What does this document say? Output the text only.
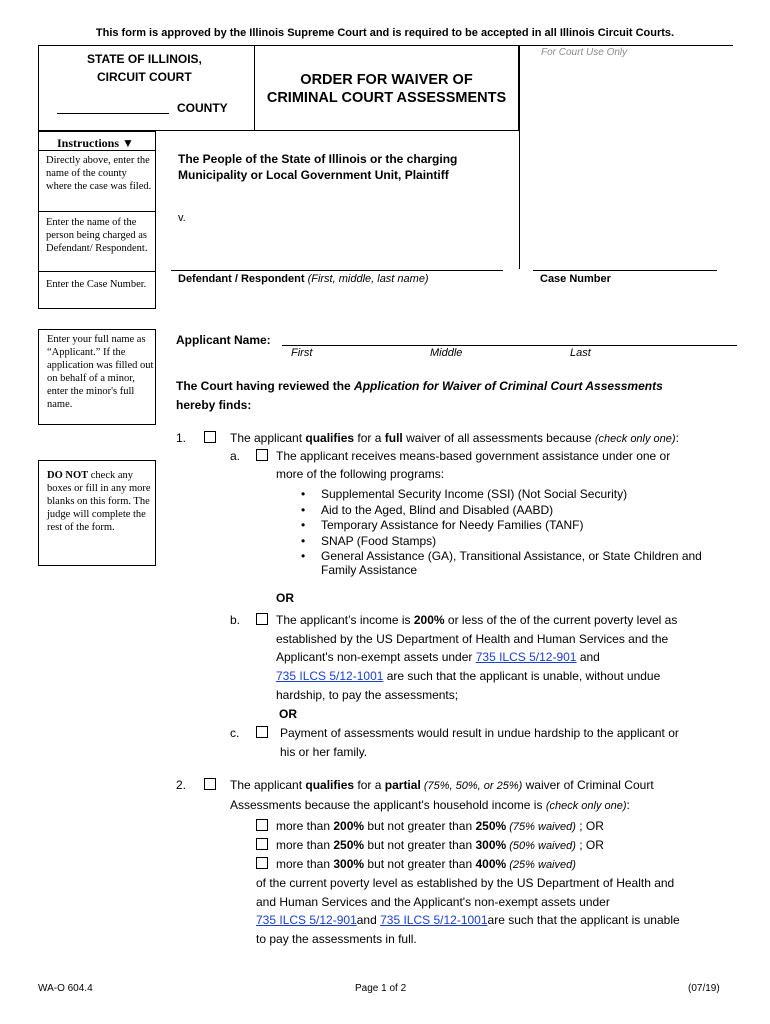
This form is approved by the Illinois Supreme Court and is required to be accepted in all Illinois Circuit Courts.
STATE OF ILLINOIS,
CIRCUIT COURT
COUNTY
ORDER FOR WAIVER OF
CRIMINAL COURT ASSESSMENTS
For Court Use Only
Instructions ▼
Directly above, enter the name of the county where the case was filed.
Enter the name of the person being charged as Defendant/ Respondent.
Enter the Case Number.
The People of the State of Illinois or the charging
Municipality or Local Government Unit, Plaintiff
v.
Defendant / Respondent (First, middle, last name)	Case Number
Enter your full name as “Applicant.” If the application was filled out on behalf of a minor, enter the minor's full name.
Applicant Name:
First	Middle	Last
The Court having reviewed the Application for Waiver of Criminal Court Assessments
hereby finds:
DO NOT check any boxes or fill in any more blanks on this form. The judge will complete the rest of the form.
1.	The applicant qualifies for a full waiver of all assessments because (check only one):
a.	The applicant receives means-based government assistance under one or
more of the following programs:
• Supplemental Security Income (SSI) (Not Social Security)
• Aid to the Aged, Blind and Disabled (AABD)
• Temporary Assistance for Needy Families (TANF)
• SNAP (Food Stamps)
• General Assistance (GA), Transitional Assistance, or State Children and
Family Assistance
OR
b.	The applicant’s income is 200% or less of the of the current poverty level as
established by the US Department of Health and Human Services and the
Applicant's non-exempt assets under 735 ILCS 5/12-901 and
735 ILCS 5/12-1001 are such that the applicant is unable, without undue
hardship, to pay the assessments;
OR
c.	Payment of assessments would result in undue hardship to the applicant or
his or her family.
2.	The applicant qualifies for a partial (75%, 50%, or 25%) waiver of Criminal Court
Assessments because the applicant's household income is (check only one):
more than 200% but not greater than 250% (75% waived) ; OR
more than 250% but not greater than 300% (50% waived) ; OR
more than 300% but not greater than 400% (25% waived)
of the current poverty level as established by the US Department of Health and
and Human Services and the Applicant's non-exempt assets under
735 ILCS 5/12-901and 735 ILCS 5/12-1001are such that the applicant is unable
to pay the assessments in full.
WA-O 604.4	Page 1 of 2	(07/19)
